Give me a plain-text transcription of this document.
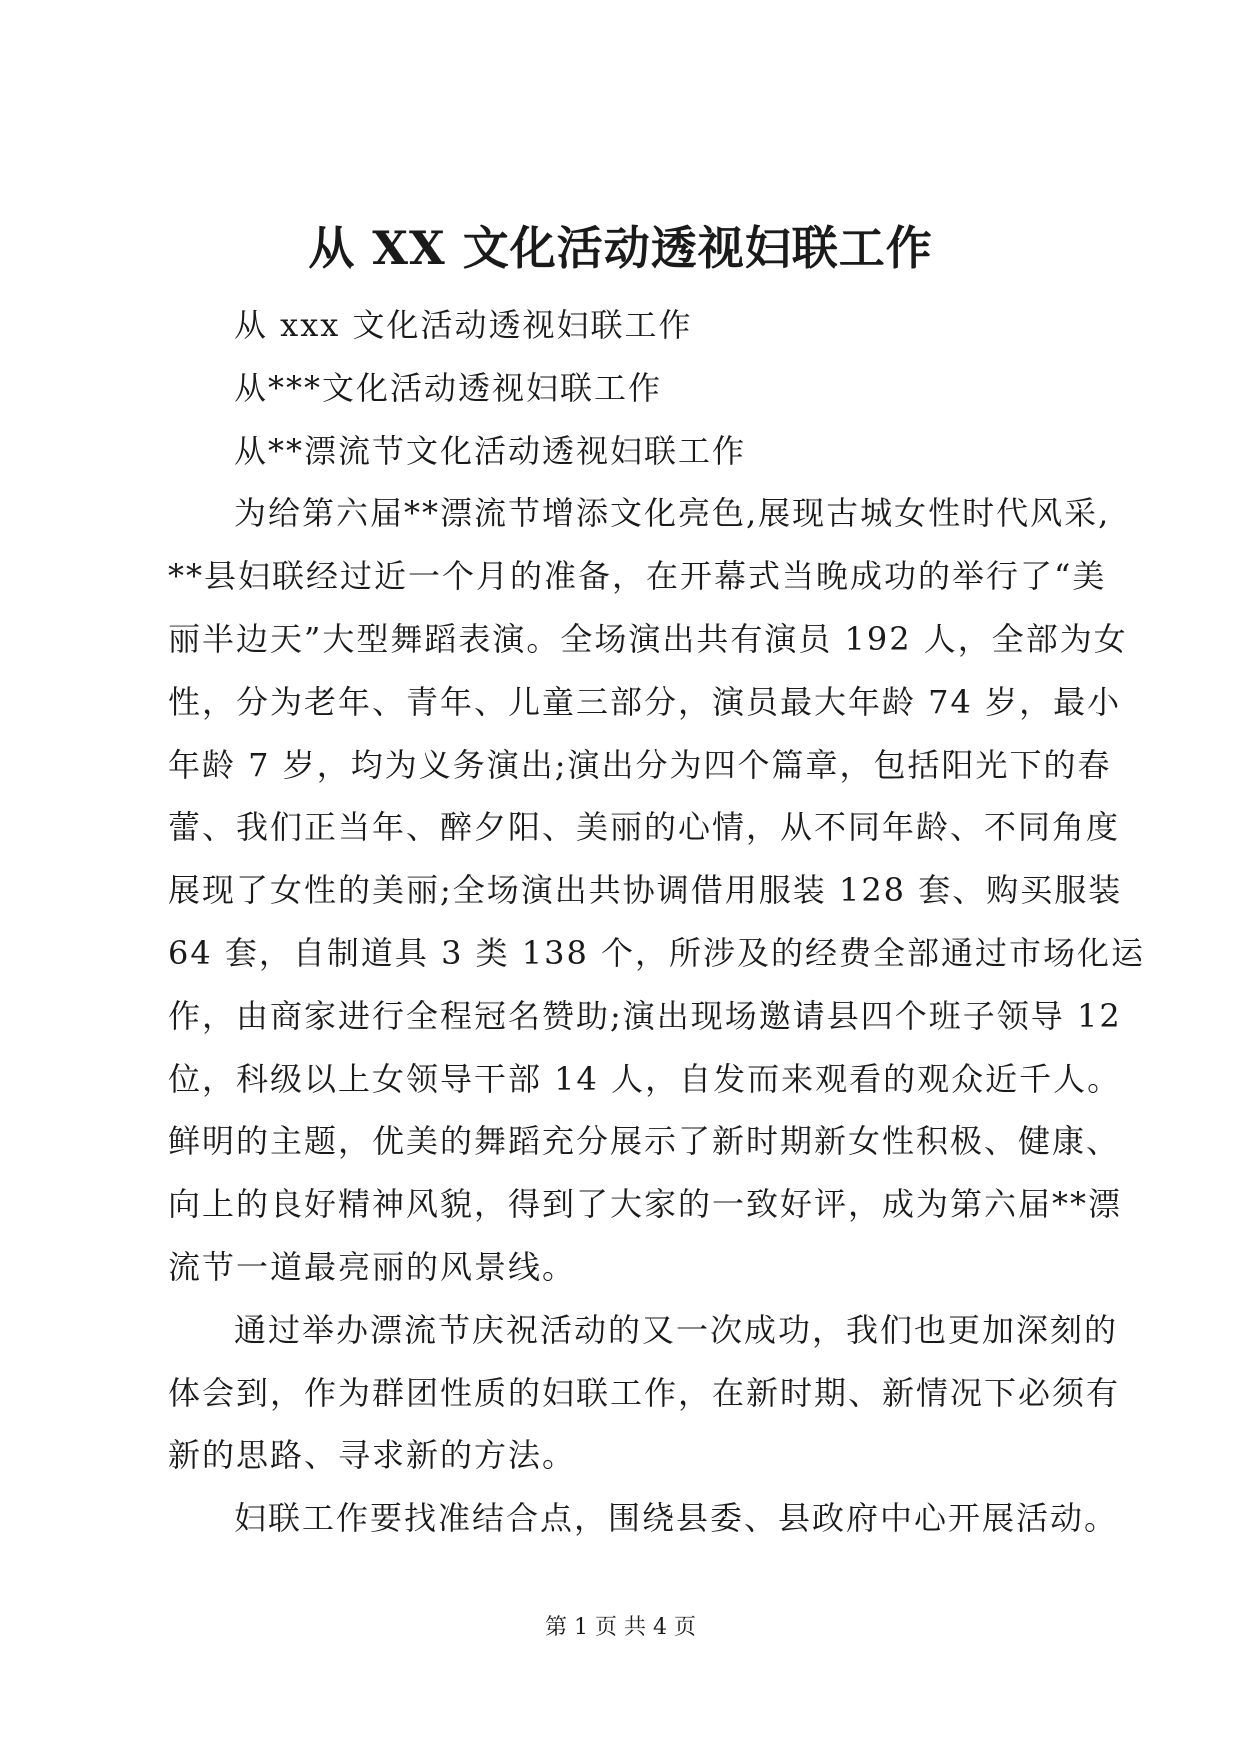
从 XX 文化活动透视妇联工作
从 xxx 文化活动透视妇联工作
从***文化活动透视妇联工作
从**漂流节文化活动透视妇联工作
为给第六届**漂流节增添文化亮色,展现古城女性时代风采,
**县妇联经过近一个月的准备，在开幕式当晚成功的举行了“美
丽半边天”大型舞蹈表演。全场演出共有演员 192 人，全部为女
性，分为老年、青年、儿童三部分，演员最大年龄 74 岁，最小
年龄 7 岁，均为义务演出;演出分为四个篇章，包括阳光下的春
蕾、我们正当年、醉夕阳、美丽的心情，从不同年龄、不同角度
展现了女性的美丽;全场演出共协调借用服装 128 套、购买服装
64 套，自制道具 3 类 138 个，所涉及的经费全部通过市场化运
作，由商家进行全程冠名赞助;演出现场邀请县四个班子领导 12
位，科级以上女领导干部 14 人，自发而来观看的观众近千人。
鲜明的主题，优美的舞蹈充分展示了新时期新女性积极、健康、
向上的良好精神风貌，得到了大家的一致好评，成为第六届**漂
流节一道最亮丽的风景线。
通过举办漂流节庆祝活动的又一次成功，我们也更加深刻的
体会到，作为群团性质的妇联工作，在新时期、新情况下必须有
新的思路、寻求新的方法。
妇联工作要找准结合点，围绕县委、县政府中心开展活动。
第 1 页 共 4 页
